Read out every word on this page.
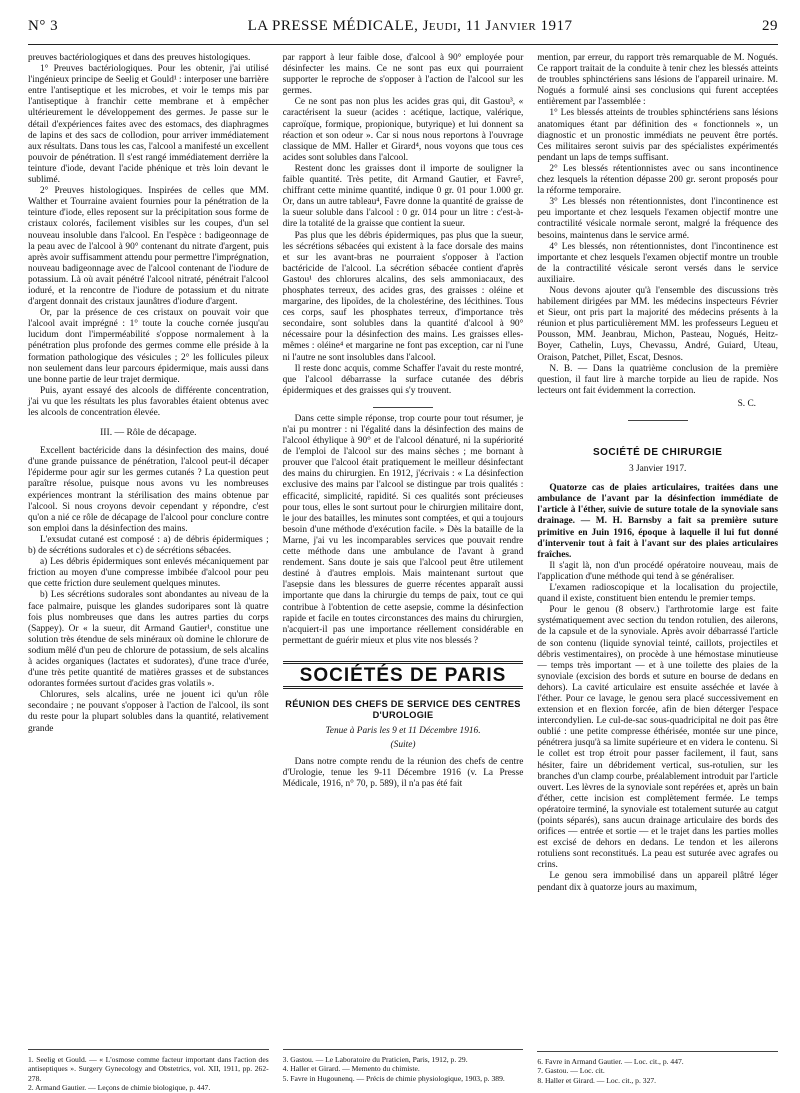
N° 3	LA PRESSE MÉDICALE, Jeudi, 11 Janvier 1917	29

preuves bactériologiques et dans des preuves histologiques.

1° Preuves bactériologiques. Pour les obtenir, j'ai utilisé l'ingénieux principe de Seelig et Gould¹ : interposer une barrière entre l'antiseptique et les microbes, et voir le temps mis par l'antiseptique à franchir cette membrane et à empêcher ultérieurement le développement des germes. Je passe sur le détail d'expériences faites avec des estomacs, des diaphragmes de lapins et des sacs de collodion, pour arriver immédiatement aux résultats. Dans tous les cas, l'alcool a manifesté un excellent pouvoir de pénétration. Il s'est rangé immédiatement derrière la teinture d'iode, devant l'acide phénique et très loin devant le sublimé.

2° Preuves histologiques. Inspirées de celles que MM. Walther et Tourraine avaient fournies pour la pénétration de la teinture d'iode, elles reposent sur la précipitation sous forme de cristaux colorés, facilement visibles sur les coupes, d'un sel nouveau insoluble dans l'alcool. En l'espèce : badigeonnage de la peau avec de l'alcool à 90° contenant du nitrate d'argent, puis après avoir suffisamment attendu pour permettre l'imprégnation, nouveau badigeonnage avec de l'alcool contenant de l'iodure de potassium. Là où avait pénétré l'alcool nitraté, pénétrait l'alcool ioduré, et la rencontre de l'iodure de potassium et du nitrate d'argent donnait des cristaux jaunâtres d'iodure d'argent.

Or, par la présence de ces cristaux on pouvait voir que l'alcool avait imprégné : 1° toute la couche cornée jusqu'au lucidum dont l'imperméabilité s'oppose normalement à la pénétration plus profonde des germes comme elle préside à la formation pathologique des vésicules ; 2° les follicules pileux non seulement dans leur parcours épidermique, mais aussi dans une bonne partie de leur trajet dermique.

Puis, ayant essayé des alcools de différente concentration, j'ai vu que les résultats les plus favorables étaient obtenus avec les alcools de concentration élevée.

III. — Rôle de décapage.

Excellent bactéricide dans la désinfection des mains, doué d'une grande puissance de pénétration, l'alcool peut-il décaper l'épiderme pour agir sur les germes cutanés ? La question peut paraître résolue, puisque nous avons vu les nombreuses expériences montrant la stérilisation des mains obtenue par l'alcool. Si nous croyons devoir cependant y répondre, c'est qu'on a nié ce rôle de décapage de l'alcool pour conclure contre son emploi dans la désinfection des mains.

L'exsudat cutané est composé : a) de débris épidermiques ; b) de sécrétions sudorales et c) de sécrétions sébacées.

a) Les débris épidermiques sont enlevés mécaniquement par friction au moyen d'une compresse imbibée d'alcool pour peu que cette friction dure seulement quelques minutes.

b) Les sécrétions sudorales sont abondantes au niveau de la face palmaire, puisque les glandes sudoripares sont là quatre fois plus nombreuses que dans les autres parties du corps (Sappey). Or « la sueur, dit Armand Gautier¹, constitue une solution très étendue de sels minéraux où domine le chlorure de sodium mêlé d'un peu de chlorure de potassium, de sels alcalins à acides organiques (lactates et sudorates), d'une trace d'urée, d'une très petite quantité de matières grasses et de substances odorantes formées surtout d'acides gras volatils ».

Chlorures, sels alcalins, urée ne jouent ici qu'un rôle secondaire ; ne pouvant s'opposer à l'action de l'alcool, ils sont du reste pour la plupart solubles dans la quantité, relativement grande

1. Seelig et Gould. — « L'osmose comme facteur important dans l'action des antiseptiques ». Surgery Gynecology and Obstetrics, vol. XII, 1911, pp. 262-278.
2. Armand Gautier. — Leçons de chimie biologique, p. 447.

par rapport à leur faible dose, d'alcool à 90° employée pour désinfecter les mains. Ce ne sont pas eux qui pourraient supporter le reproche de s'opposer à l'action de l'alcool sur les germes.

Ce ne sont pas non plus les acides gras qui, dit Gastou³, « caractérisent la sueur (acides : acétique, lactique, valérique, caproïque, formique, propionique, butyrique) et lui donnent sa réaction et son odeur ». Car si nous nous reportons à l'ouvrage classique de MM. Haller et Girard⁴, nous voyons que tous ces acides sont solubles dans l'alcool.

Restent donc les graisses dont il importe de souligner la faible quantité. Très petite, dit Armand Gautier, et Favre⁵, chiffrant cette minime quantité, indique 0 gr. 01 pour 1.000 gr. Or, dans un autre tableau⁴, Favre donne la quantité de graisse de la sueur soluble dans l'alcool : 0 gr. 014 pour un litre : c'est-à-dire la totalité de la graisse que contient la sueur.

Pas plus que les débris épidermiques, pas plus que la sueur, les sécrétions sébacées qui existent à la face dorsale des mains et sur les avant-bras ne pourraient s'opposer à l'action bactéricide de l'alcool. La sécrétion sébacée contient d'après Gastou¹ des chlorures alcalins, des sels ammoniacaux, des phosphates terreux, des acides gras, des graisses : oléine et margarine, des lipoïdes, de la cholestérine, des lécithines. Tous ces corps, sauf les phosphates terreux, d'importance très secondaire, sont solubles dans la quantité d'alcool à 90° nécessaire pour la désinfection des mains. Les graisses elles-mêmes : oléine⁴ et margarine ne font pas exception, car ni l'une ni l'autre ne sont insolubles dans l'alcool.

Il reste donc acquis, comme Schaffer l'avait du reste montré, que l'alcool débarrasse la surface cutanée des débris épidermiques et des graisses qui s'y trouvent.

Dans cette simple réponse, trop courte pour tout résumer, je n'ai pu montrer : ni l'égalité dans la désinfection des mains de l'alcool éthylique à 90° et de l'alcool dénaturé, ni la supériorité de l'emploi de l'alcool sur des mains sèches ; me bornant à prouver que l'alcool était pratiquement le meilleur désinfectant des mains du chirurgien. En 1912, j'écrivais : « La désinfection exclusive des mains par l'alcool se distingue par trois qualités : efficacité, simplicité, rapidité. Si ces qualités sont précieuses pour tous, elles le sont surtout pour le chirurgien militaire dont, le jour des batailles, les minutes sont comptées, et qui a toujours besoin d'une méthode d'exécution facile. » Dès la bataille de la Marne, j'ai vu les incomparables services que pouvait rendre cette méthode dans une ambulance de l'avant à grand rendement. Sans doute je sais que l'alcool peut être utilement destiné à d'autres emplois. Mais maintenant surtout que l'asepsie dans les blessures de guerre récentes apparaît aussi importante que dans la chirurgie du temps de paix, tout ce qui contribue à l'obtention de cette asepsie, comme la désinfection rapide et facile en toutes circonstances des mains du chirurgien, n'acquiert-il pas une importance réellement considérable en permettant de guérir mieux et plus vite nos blessés ?

SOCIÉTÉS DE PARIS
RÉUNION DES CHEFS DE SERVICE DES CENTRES D'UROLOGIE
Tenue à Paris les 9 et 11 Décembre 1916.
(Suite)

Dans notre compte rendu de la réunion des chefs de centre d'Urologie, tenue les 9-11 Décembre 1916 (v. La Presse Médicale, 1916, n° 70, p. 589), il n'a pas été fait

3. Gastou. — Le Laboratoire du Praticien, Paris, 1912, p. 29.
4. Haller et Girard. — Memento du chimiste.
5. Favre in Hugounenq. — Précis de chimie physiologique, 1903, p. 389.

mention, par erreur, du rapport très remarquable de M. Nogués. Ce rapport traitait de la conduite à tenir chez les blessés atteints de troubles sphinctériens sans lésions de l'appareil urinaire. M. Nogués a formulé ainsi ses conclusions qui furent acceptées entièrement par l'assemblée :

1° Les blessés atteints de troubles sphinctériens sans lésions anatomiques étant par définition des « fonctionnels », un diagnostic et un pronostic immédiats ne peuvent être portés. Ces militaires seront suivis par des spécialistes expérimentés pendant un laps de temps suffisant.

2° Les blessés rétentionnistes avec ou sans incontinence chez lesquels la rétention dépasse 200 gr. seront proposés pour la réforme temporaire.

3° Les blessés non rétentionnistes, dont l'incontinence est peu importante et chez lesquels l'examen objectif montre une contractilité vésicale normale seront, malgré la fréquence des besoins, maintenus dans le service armé.

4° Les blessés, non rétentionnistes, dont l'incontinence est importante et chez lesquels l'examen objectif montre un trouble de la contractilité vésicale seront versés dans le service auxiliaire.

Nous devons ajouter qu'à l'ensemble des discussions très habilement dirigées par MM. les médecins inspecteurs Février et Sieur, ont pris part la majorité des médecins présents à la réunion et plus particulièrement MM. les professeurs Legueu et Pousson, MM. Jeanbrau, Michon, Pasteau, Nogués, Heitz-Boyer, Cathelin, Luys, Chevassu, André, Guiard, Uteau, Oraison, Patchet, Pillet, Escat, Desnos.

N. B. — Dans la quatrième conclusion de la première question, il faut lire à marche torpide au lieu de rapide. Nos lecteurs ont fait évidemment la correction.

S. C.
SOCIÉTÉ DE CHIRURGIE
3 Janvier 1917.

Quatorze cas de plaies articulaires, traitées dans une ambulance de l'avant par la désinfection immédiate de l'article à l'éther, suivie de suture totale de la synoviale sans drainage. — M. H. Barnsby a fait sa première suture primitive en Juin 1916, époque à laquelle il lui fut donné d'intervenir tout à fait à l'avant sur des plaies articulaires fraîches.

Il s'agit là, non d'un procédé opératoire nouveau, mais de l'application d'une méthode qui tend à se généraliser.

L'examen radioscopique et la localisation du projectile, quand il existe, constituent bien entendu le premier temps.

Pour le genou (8 observ.) l'arthrotomie large est faite systématiquement avec section du tendon rotulien, des ailerons, de la capsule et de la synoviale. Après avoir débarrassé l'article de son contenu (liquide synovial teinté, caillots, projectiles et débris vestimentaires), on procède à une hémostase minutieuse — temps très important — et à une toilette des plaies de la synoviale (excision des bords et suture en bourse de dedans en dehors). La cavité articulaire est ensuite asséchée et lavée à l'éther. Pour ce lavage, le genou sera placé successivement en extension et en flexion forcée, afin de bien déterger l'espace intercondylien. Le cul-de-sac sous-quadricipital ne doit pas être oublié : une petite compresse éthérisée, montée sur une pince, pénétrera jusqu'à sa limite supérieure et en videra le contenu. Si le collet est trop étroit pour passer facilement, il faut, sans hésiter, faire un débridement vertical, sus-rotulien, sur les branches d'un clamp courbe, préalablement introduit par l'article ouvert. Les lèvres de la synoviale sont repérées et, après un bain d'éther, cette incision est complètement fermée. Le temps opératoire terminé, la synoviale est totalement suturée au catgut (points séparés), sans aucun drainage articulaire des bords des orifices — entrée et sortie — et le trajet dans les parties molles est excisé de dehors en dedans. Le tendon et les ailerons rotuliens sont reconstitués. La peau est suturée avec agrafes ou crins.

Le genou sera immobilisé dans un appareil plâtré léger pendant dix à quatorze jours au maximum,

6. Favre in Armand Gautier. — Loc. cit., p. 447.
7. Gastou. — Loc. cit.
8. Haller et Girard. — Loc. cit., p. 327.
